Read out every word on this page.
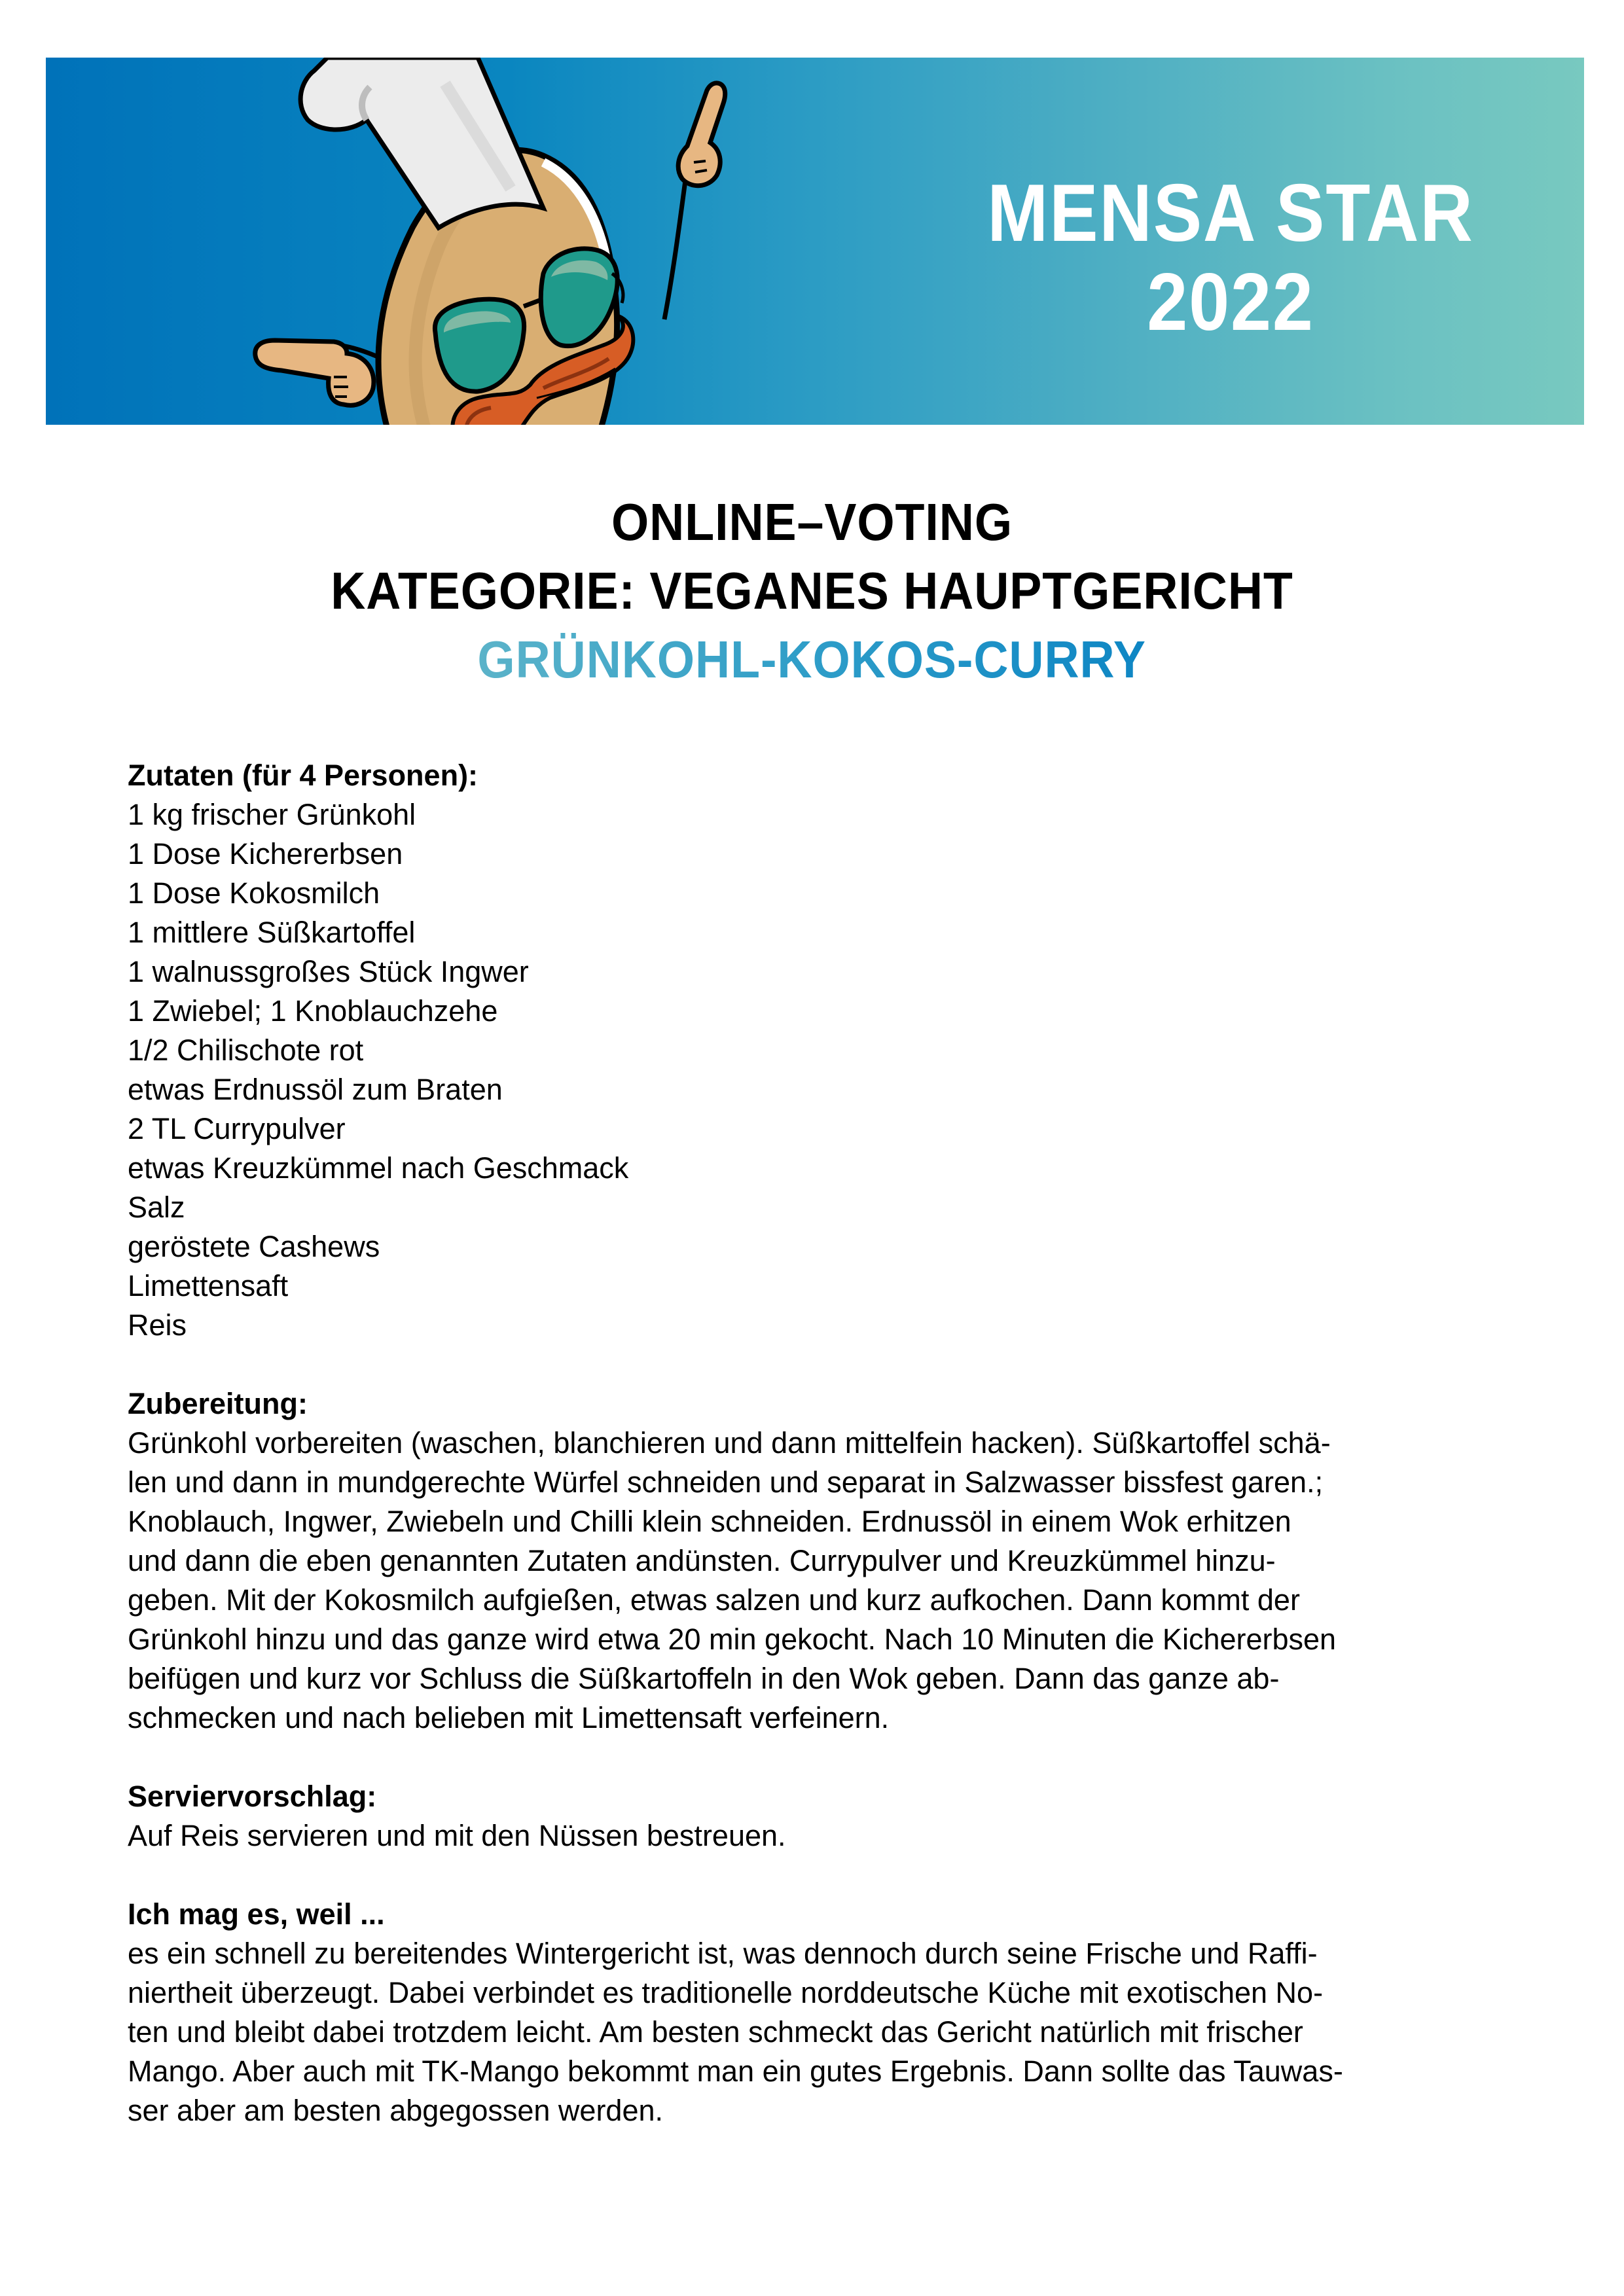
MENSA STAR
2022
ONLINE–VOTING
KATEGORIE: VEGANES HAUPTGERICHT
GRÜNKOHL-KOKOS-CURRY
Zutaten (für 4 Personen):
1 kg frischer Grünkohl
1 Dose Kichererbsen
1 Dose Kokosmilch
1 mittlere Süßkartoffel
1 walnussgroßes Stück Ingwer
1 Zwiebel; 1 Knoblauchzehe
1/2 Chilischote rot
etwas Erdnussöl zum Braten
2 TL Currypulver
etwas Kreuzkümmel nach Geschmack
Salz
geröstete Cashews
Limettensaft
Reis
Zubereitung:
Grünkohl vorbereiten (waschen, blanchieren und dann mittelfein hacken). Süßkartoffel schä-
len und dann in mundgerechte Würfel schneiden und separat in Salzwasser bissfest garen.;
Knoblauch, Ingwer, Zwiebeln und Chilli klein schneiden. Erdnussöl in einem Wok erhitzen
und dann die eben genannten Zutaten andünsten. Currypulver und Kreuzkümmel hinzu-
geben. Mit der Kokosmilch aufgießen, etwas salzen und kurz aufkochen. Dann kommt der
Grünkohl hinzu und das ganze wird etwa 20 min gekocht. Nach 10 Minuten die Kichererbsen
beifügen und kurz vor Schluss die Süßkartoffeln in den Wok geben. Dann das ganze ab-
schmecken und nach belieben mit Limettensaft verfeinern.
Serviervorschlag:
Auf Reis servieren und mit den Nüssen bestreuen.
Ich mag es, weil ...
es ein schnell zu bereitendes Wintergericht ist, was dennoch durch seine Frische und Raffi-
niertheit überzeugt. Dabei verbindet es traditionelle norddeutsche Küche mit exotischen No-
ten und bleibt dabei trotzdem leicht. Am besten schmeckt das Gericht natürlich mit frischer
Mango. Aber auch mit TK-Mango bekommt man ein gutes Ergebnis. Dann sollte das Tauwas-
ser aber am besten abgegossen werden.
